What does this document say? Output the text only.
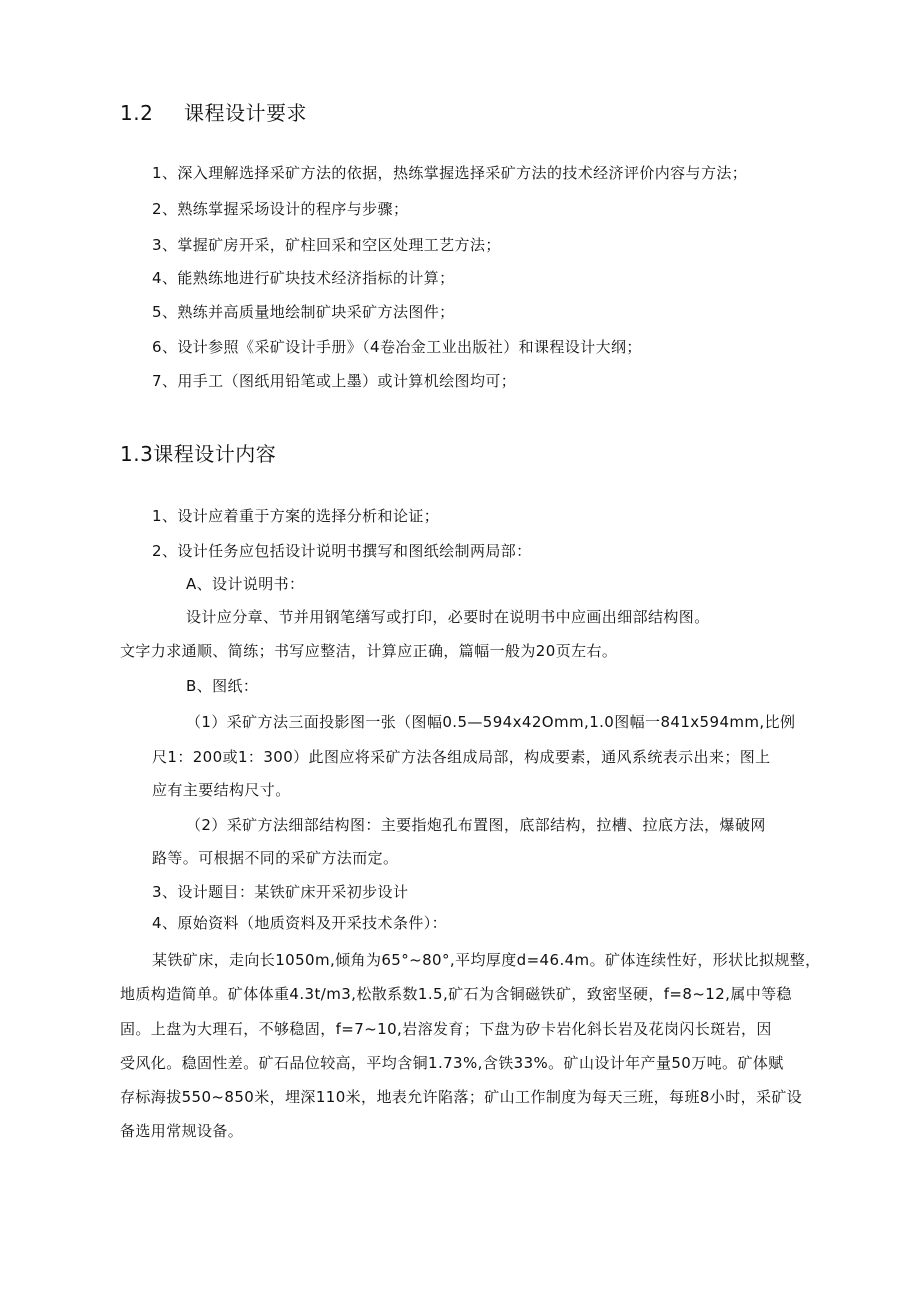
1.2 课程设计要求
1、深入理解选择采矿方法的依据，热练掌握选择采矿方法的技术经济评价内容与方法；
2、熟练掌握采场设计的程序与步骤；
3、掌握矿房开采，矿柱回采和空区处理工艺方法；
4、能熟练地进行矿块技术经济指标的计算；
5、熟练并高质量地绘制矿块采矿方法图件；
6、设计参照《采矿设计手册》（4卷冶金工业出版社）和课程设计大纲；
7、用手工（图纸用铅笔或上墨）或计算机绘图均可；
1.3课程设计内容
1、设计应着重于方案的选择分析和论证；
2、设计任务应包括设计说明书撰写和图纸绘制两局部：
A、设计说明书：
设计应分章、节并用钢笔缮写或打印，必要时在说明书中应画出细部结构图。
文字力求通顺、简练；书写应整洁，计算应正确，篇幅一般为20页左右。
B、图纸：
（1）采矿方法三面投影图一张（图幅0.5—594x42Omm,1.0图幅一841x594mm,比例
尺1：200或1：300）此图应将采矿方法各组成局部，构成要素，通风系统表示出来；图上
应有主要结构尺寸。
（2）采矿方法细部结构图：主要指炮孔布置图，底部结构，拉槽、拉底方法，爆破网
路等。可根据不同的采矿方法而定。
3、设计题目：某铁矿床开采初步设计
4、原始资料（地质资料及开采技术条件）：
某铁矿床，走向长1050m,倾角为65°~80°,平均厚度d=46.4m。矿体连续性好，形状比拟规整，
地质构造简单。矿体体重4.3t/m3,松散系数1.5,矿石为含铜磁铁矿，致密坚硬，f=8~12,属中等稳
固。上盘为大理石，不够稳固，f=7~10,岩溶发育；下盘为矽卡岩化斜长岩及花岗闪长斑岩，因
受风化。稳固性差。矿石品位较高，平均含铜1.73%,含铁33%。矿山设计年产量50万吨。矿体赋
存标海拔550~850米，埋深110米，地表允许陷落；矿山工作制度为每天三班，每班8小时，采矿设
备选用常规设备。
